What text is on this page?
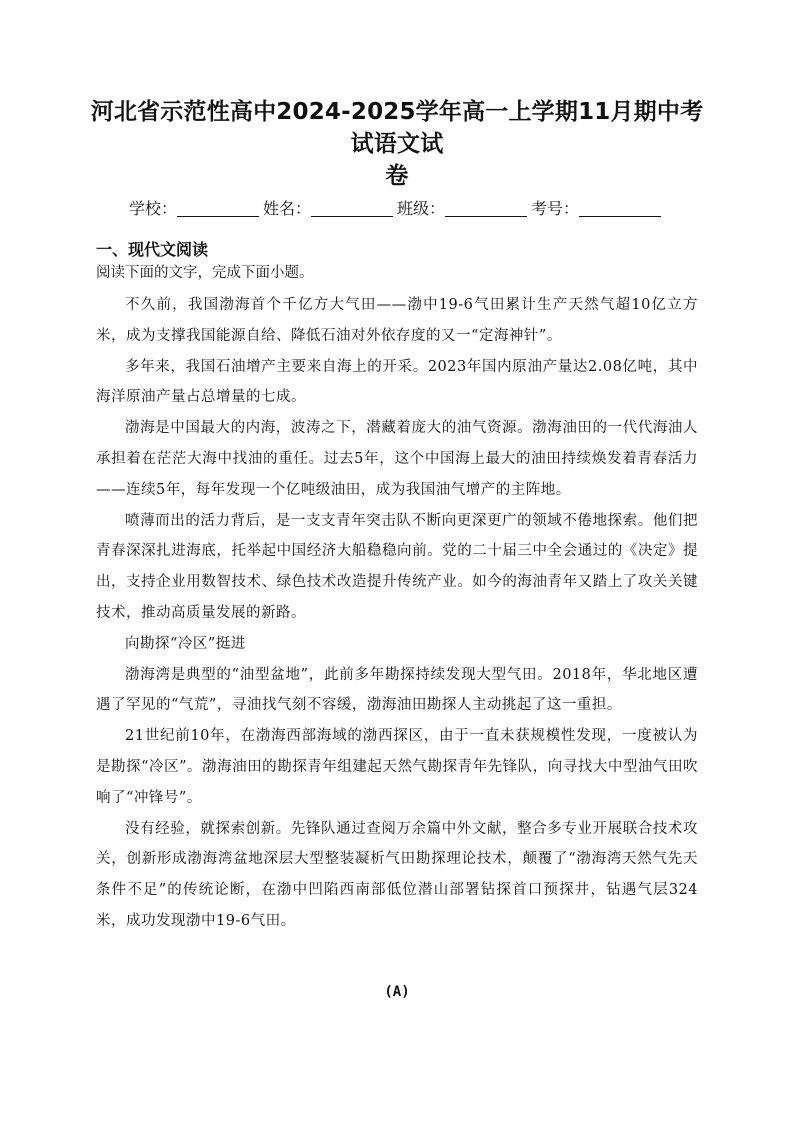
河北省示范性高中2024-2025学年高一上学期11月期中考试语文试
卷
学校：	姓名：	班级：	考号：
一、现代文阅读
阅读下面的文字，完成下面小题。

不久前，我国渤海首个千亿方大气田——渤中19-6气田累计生产天然气超10亿立方米，成为支撑我国能源自给、降低石油对外依存度的又一“定海神针”。

多年来，我国石油增产主要来自海上的开采。2023年国内原油产量达2.08亿吨，其中海洋原油产量占总增量的七成。

渤海是中国最大的内海，波涛之下，潜藏着庞大的油气资源。渤海油田的一代代海油人承担着在茫茫大海中找油的重任。过去5年，这个中国海上最大的油田持续焕发着青春活力——连续5年，每年发现一个亿吨级油田，成为我国油气增产的主阵地。

喷薄而出的活力背后，是一支支青年突击队不断向更深更广的领域不倦地探索。他们把青春深深扎进海底，托举起中国经济大船稳稳向前。党的二十届三中全会通过的《决定》提出，支持企业用数智技术、绿色技术改造提升传统产业。如今的海油青年又踏上了攻关关键技术，推动高质量发展的新路。

向勘探“冷区”挺进

渤海湾是典型的“油型盆地”，此前多年勘探持续发现大型气田。2018年，华北地区遭遇了罕见的“气荒”，寻油找气刻不容缓，渤海油田勘探人主动挑起了这一重担。

21世纪前10年，在渤海西部海域的渤西探区，由于一直未获规模性发现，一度被认为是勘探“冷区”。渤海油田的勘探青年组建起天然气勘探青年先锋队，向寻找大中型油气田吹响了“冲锋号”。

没有经验，就探索创新。先锋队通过查阅万余篇中外文献，整合多专业开展联合技术攻关，创新形成渤海湾盆地深层大型整装凝析气田勘探理论技术，颠覆了“渤海湾天然气先天条件不足”的传统论断，在渤中凹陷西南部低位潜山部署钻探首口预探井，钻遇气层324米，成功发现渤中19-6气田。

(A)
